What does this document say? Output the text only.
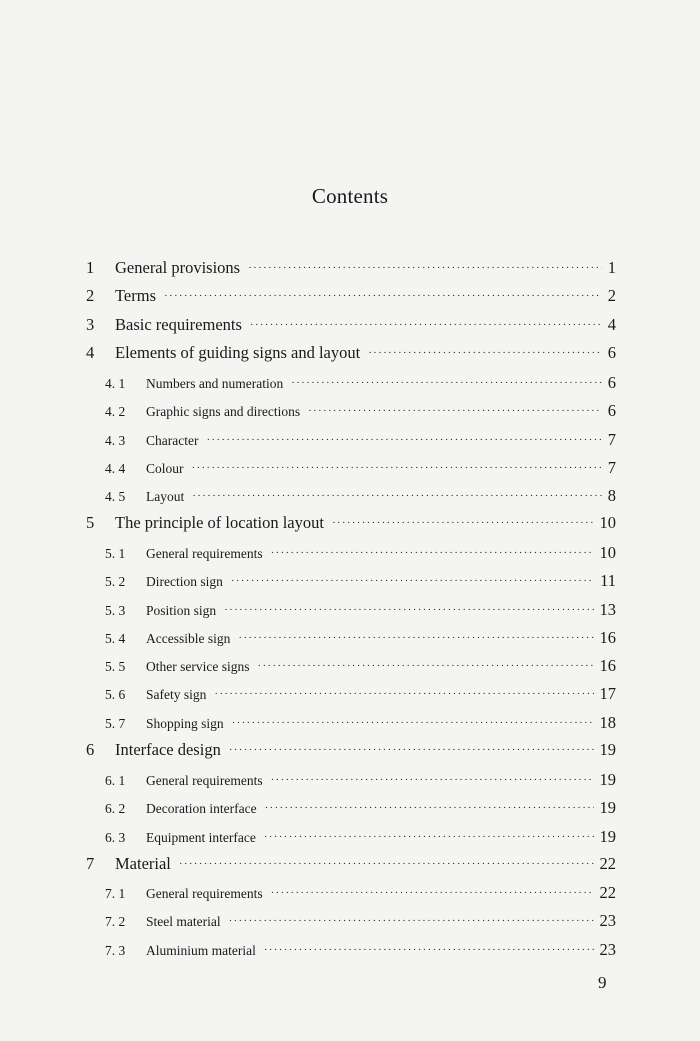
Contents
1	General provisions ·····	1
2	Terms ·····	2
3	Basic requirements ·····	4
4	Elements of guiding signs and layout ·····	6
4. 1	Numbers and numeration ·····	6
4. 2	Graphic signs and directions ·····	6
4. 3	Character ·····	7
4. 4	Colour ·····	7
4. 5	Layout ·····	8
5	The principle of location layout ·····	10
5. 1	General requirements ·····	10
5. 2	Direction sign ·····	11
5. 3	Position sign ·····	13
5. 4	Accessible sign ·····	16
5. 5	Other service signs ·····	16
5. 6	Safety sign ·····	17
5. 7	Shopping sign ·····	18
6	Interface design ·····	19
6. 1	General requirements ·····	19
6. 2	Decoration interface ·····	19
6. 3	Equipment interface ·····	19
7	Material ·····	22
7. 1	General requirements ·····	22
7. 2	Steel material ·····	23
7. 3	Aluminium material ·····	23
9
